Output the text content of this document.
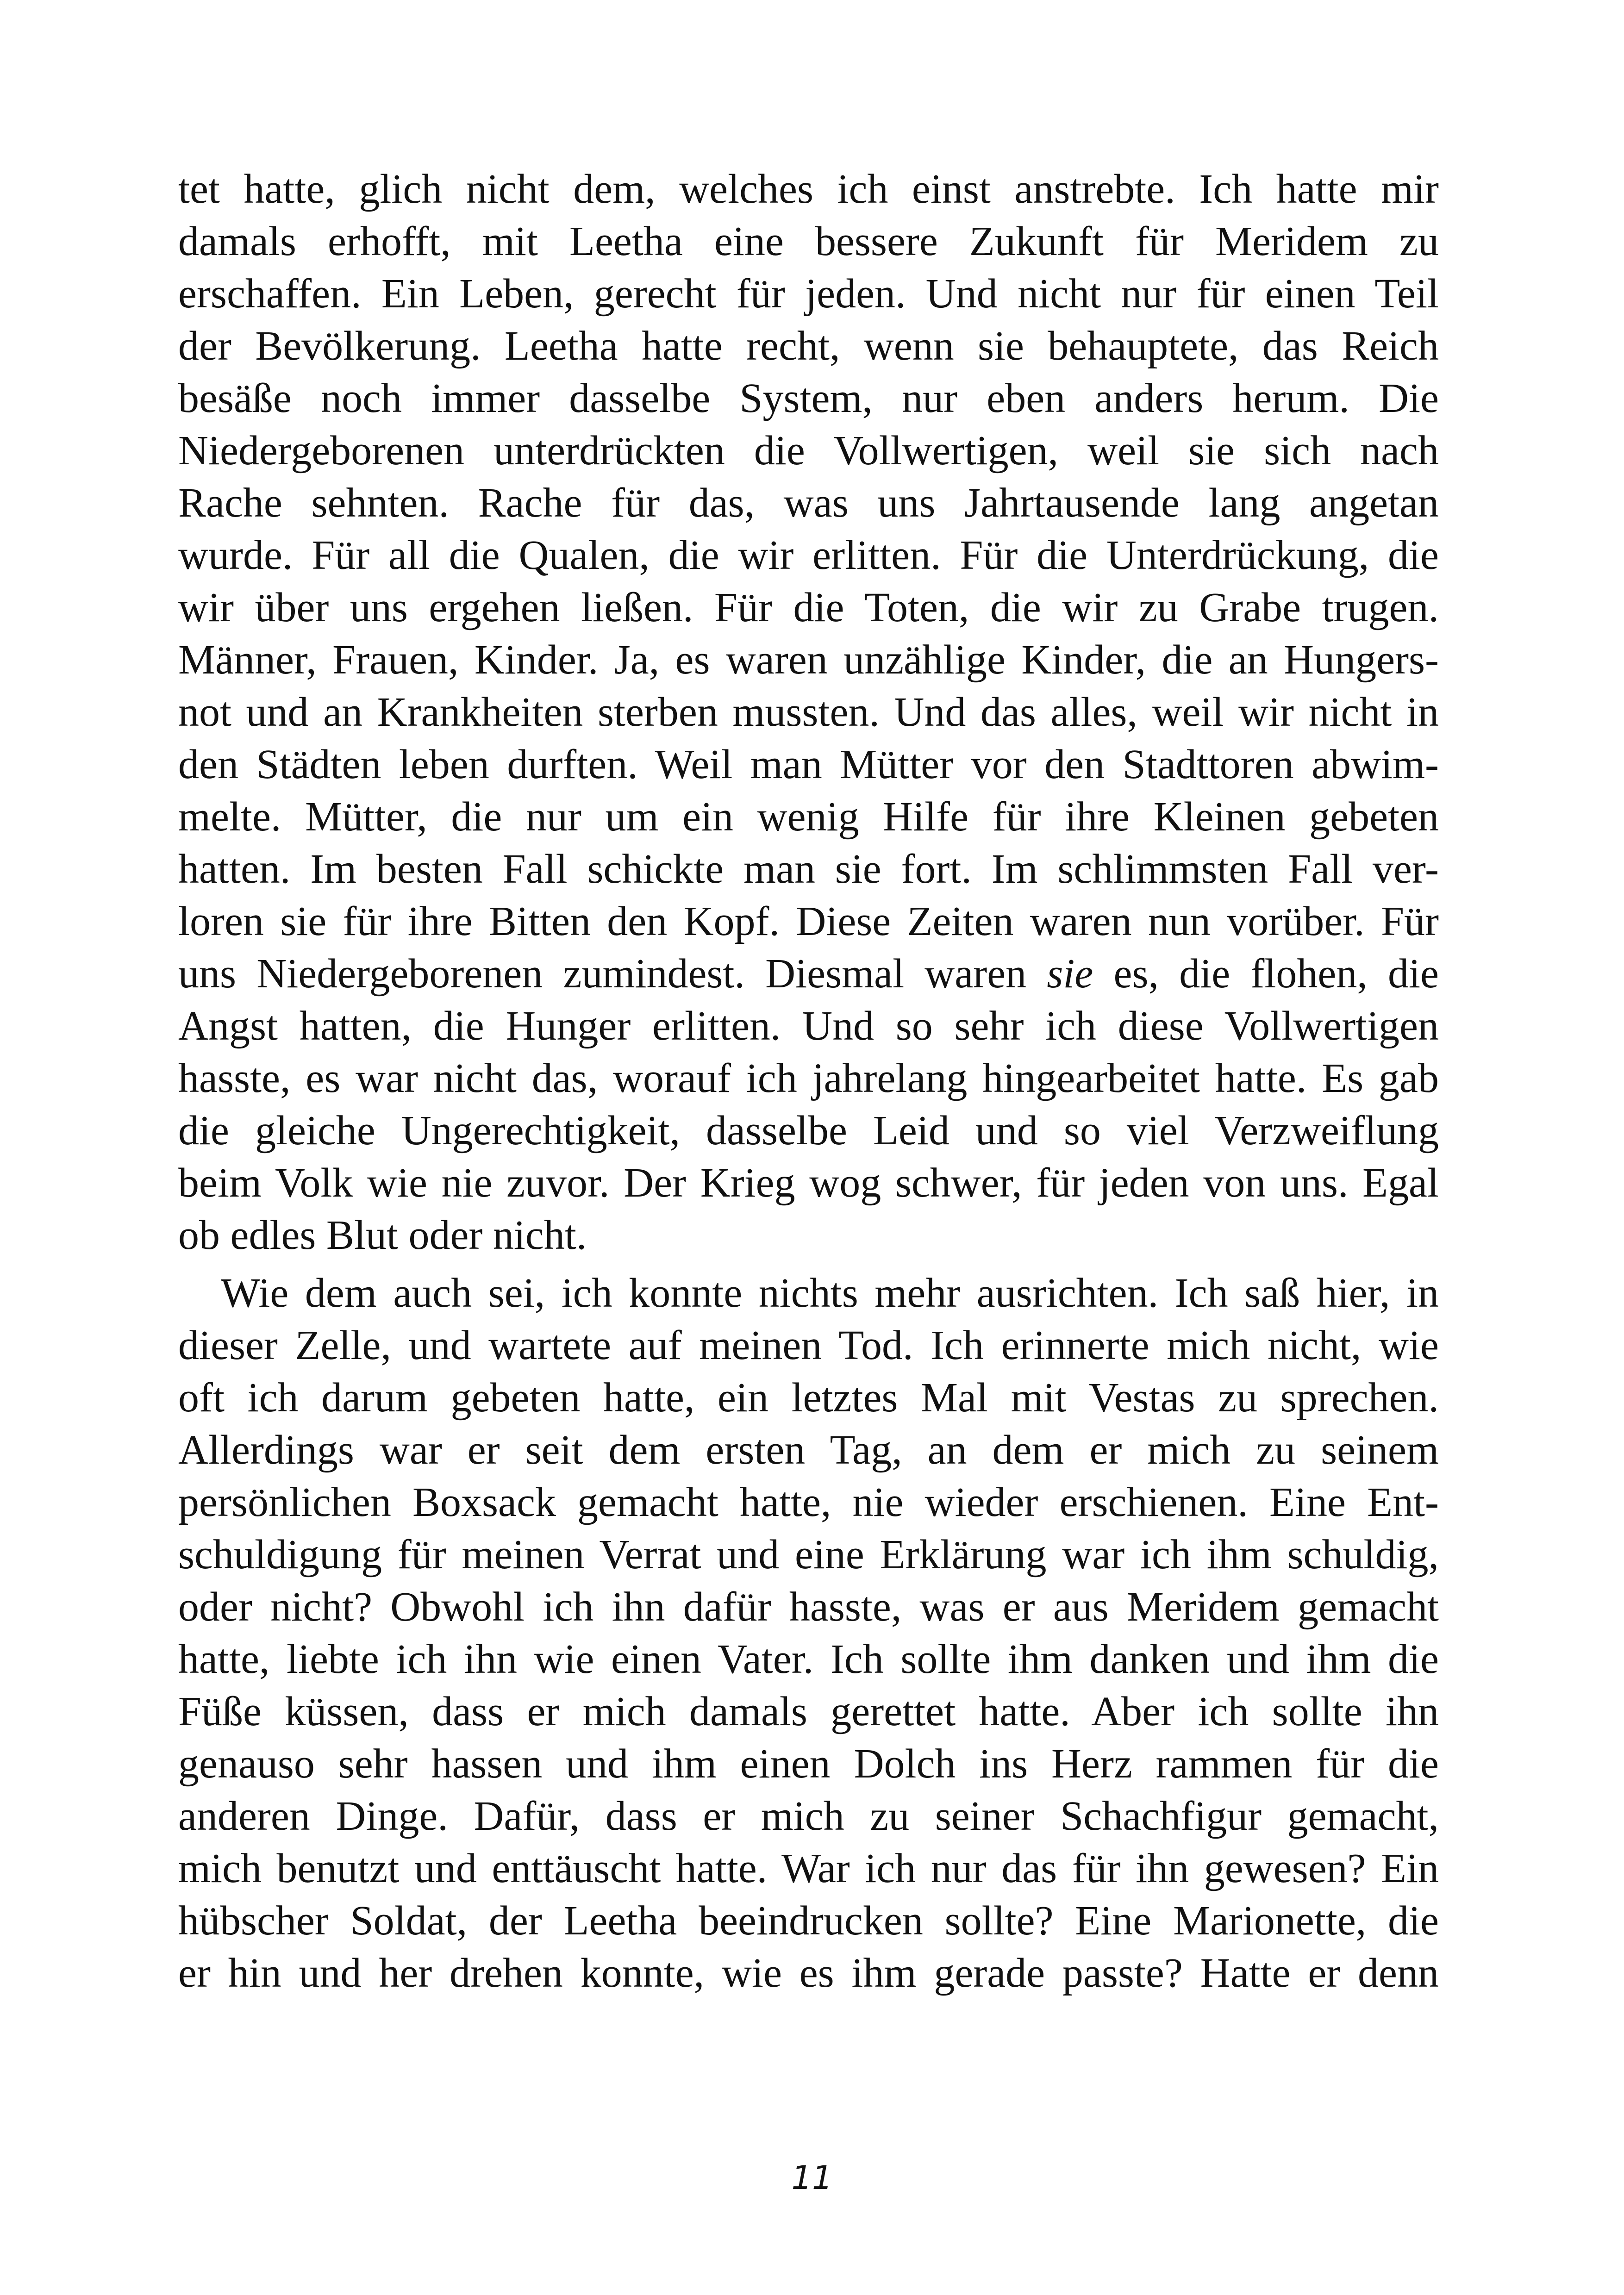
tet hatte, glich nicht dem, welches ich einst anstrebte. Ich hatte mir
damals erhofft, mit Leetha eine bessere Zukunft für Meridem zu
erschaffen. Ein Leben, gerecht für jeden. Und nicht nur für einen Teil
der Bevölkerung. Leetha hatte recht, wenn sie behauptete, das Reich
besäße noch immer dasselbe System, nur eben anders herum. Die
Niedergeborenen unterdrückten die Vollwertigen, weil sie sich nach
Rache sehnten. Rache für das, was uns Jahrtausende lang angetan
wurde. Für all die Qualen, die wir erlitten. Für die Unterdrückung, die
wir über uns ergehen ließen. Für die Toten, die wir zu Grabe trugen.
Männer, Frauen, Kinder. Ja, es waren unzählige Kinder, die an Hungers-
not und an Krankheiten sterben mussten. Und das alles, weil wir nicht in
den Städten leben durften. Weil man Mütter vor den Stadttoren abwim-
melte. Mütter, die nur um ein wenig Hilfe für ihre Kleinen gebeten
hatten. Im besten Fall schickte man sie fort. Im schlimmsten Fall ver-
loren sie für ihre Bitten den Kopf. Diese Zeiten waren nun vorüber. Für
uns Niedergeborenen zumindest. Diesmal waren sie es, die flohen, die
Angst hatten, die Hunger erlitten. Und so sehr ich diese Vollwertigen
hasste, es war nicht das, worauf ich jahrelang hingearbeitet hatte. Es gab
die gleiche Ungerechtigkeit, dasselbe Leid und so viel Verzweiflung
beim Volk wie nie zuvor. Der Krieg wog schwer, für jeden von uns. Egal
ob edles Blut oder nicht.
Wie dem auch sei, ich konnte nichts mehr ausrichten. Ich saß hier, in
dieser Zelle, und wartete auf meinen Tod. Ich erinnerte mich nicht, wie
oft ich darum gebeten hatte, ein letztes Mal mit Vestas zu sprechen.
Allerdings war er seit dem ersten Tag, an dem er mich zu seinem
persönlichen Boxsack gemacht hatte, nie wieder erschienen. Eine Ent-
schuldigung für meinen Verrat und eine Erklärung war ich ihm schuldig,
oder nicht? Obwohl ich ihn dafür hasste, was er aus Meridem gemacht
hatte, liebte ich ihn wie einen Vater. Ich sollte ihm danken und ihm die
Füße küssen, dass er mich damals gerettet hatte. Aber ich sollte ihn
genauso sehr hassen und ihm einen Dolch ins Herz rammen für die
anderen Dinge. Dafür, dass er mich zu seiner Schachfigur gemacht,
mich benutzt und enttäuscht hatte. War ich nur das für ihn gewesen? Ein
hübscher Soldat, der Leetha beeindrucken sollte? Eine Marionette, die
er hin und her drehen konnte, wie es ihm gerade passte? Hatte er denn
11
